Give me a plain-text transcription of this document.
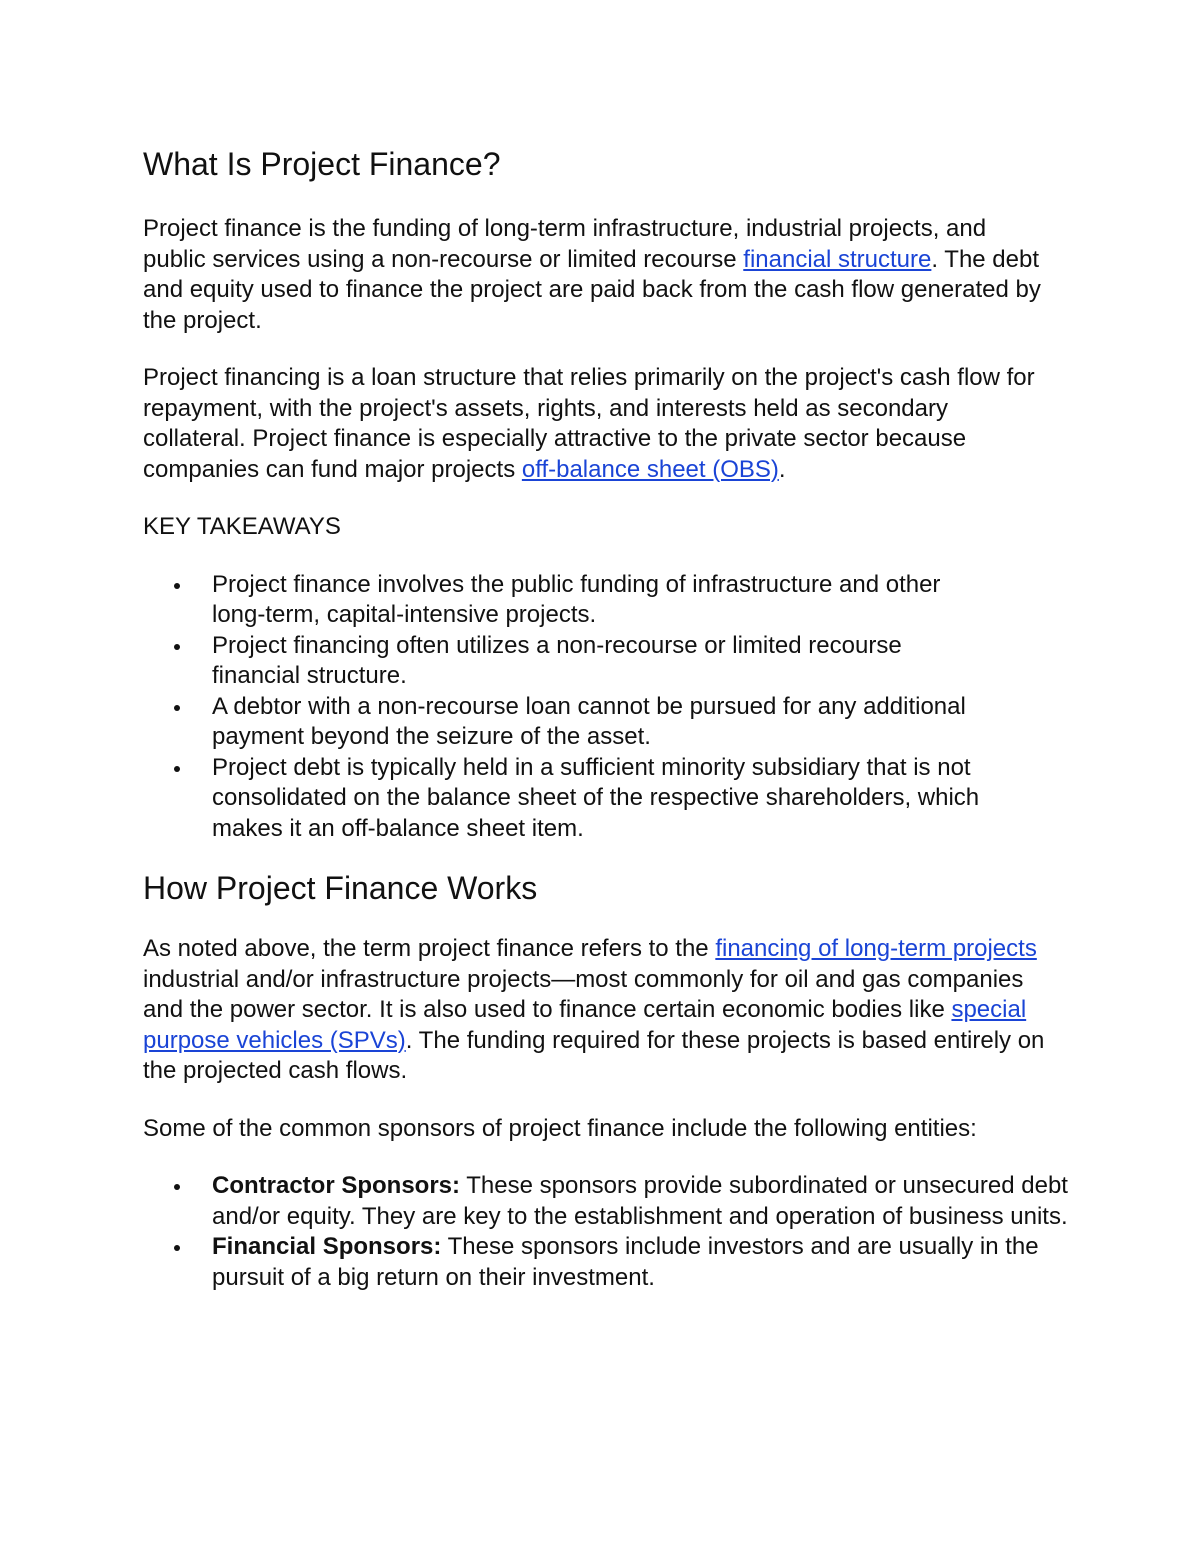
What Is Project Finance?

Project finance is the funding of long-term infrastructure, industrial projects, and public services using a non-recourse or limited recourse financial structure. The debt and equity used to finance the project are paid back from the cash flow generated by the project.

Project financing is a loan structure that relies primarily on the project's cash flow for repayment, with the project's assets, rights, and interests held as secondary collateral. Project finance is especially attractive to the private sector because companies can fund major projects off-balance sheet (OBS).

KEY TAKEAWAYS

Project finance involves the public funding of infrastructure and other long-term, capital-intensive projects.
Project financing often utilizes a non-recourse or limited recourse financial structure.
A debtor with a non-recourse loan cannot be pursued for any additional payment beyond the seizure of the asset.
Project debt is typically held in a sufficient minority subsidiary that is not consolidated on the balance sheet of the respective shareholders, which makes it an off-balance sheet item.
How Project Finance Works

As noted above, the term project finance refers to the financing of long-term projects industrial and/or infrastructure projects—most commonly for oil and gas companies and the power sector. It is also used to finance certain economic bodies like special purpose vehicles (SPVs). The funding required for these projects is based entirely on the projected cash flows.

Some of the common sponsors of project finance include the following entities:

Contractor Sponsors: These sponsors provide subordinated or unsecured debt and/or equity. They are key to the establishment and operation of business units.
Financial Sponsors: These sponsors include investors and are usually in the pursuit of a big return on their investment.
